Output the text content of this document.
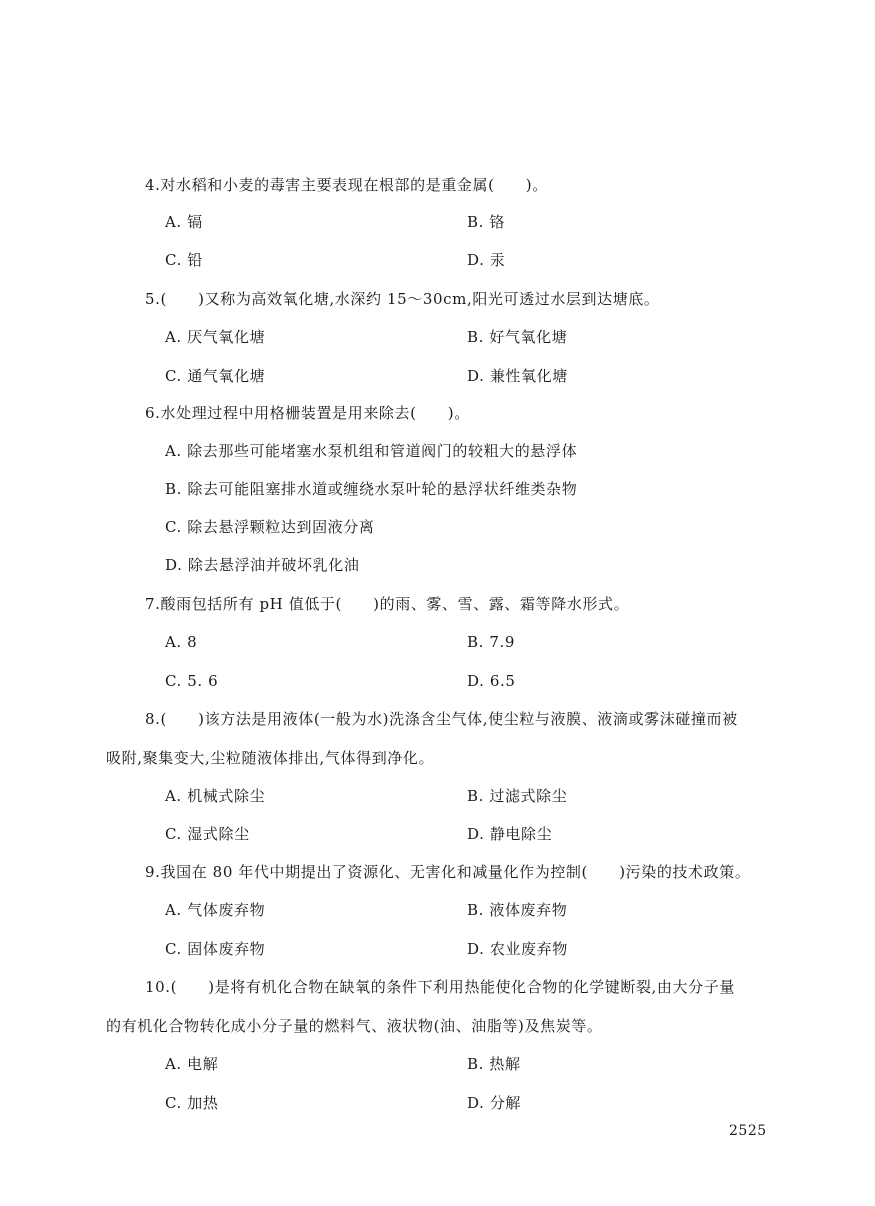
4.对水稻和小麦的毒害主要表现在根部的是重金属(　　)。
A. 镉	B. 铬
C. 铅	D. 汞
5.(　　)又称为高效氧化塘,水深约 15～30cm,阳光可透过水层到达塘底。
A. 厌气氧化塘	B. 好气氧化塘
C. 通气氧化塘	D. 兼性氧化塘
6.水处理过程中用格栅装置是用来除去(　　)。
A. 除去那些可能堵塞水泵机组和管道阀门的较粗大的悬浮体
B. 除去可能阻塞排水道或缠绕水泵叶轮的悬浮状纤维类杂物
C. 除去悬浮颗粒达到固液分离
D. 除去悬浮油并破坏乳化油
7.酸雨包括所有 pH 值低于(　　)的雨、雾、雪、露、霜等降水形式。
A. 8	B. 7.9
C. 5. 6	D. 6.5
8.(　　)该方法是用液体(一般为水)洗涤含尘气体,使尘粒与液膜、液滴或雾沫碰撞而被
吸附,聚集变大,尘粒随液体排出,气体得到净化。
A. 机械式除尘	B. 过滤式除尘
C. 湿式除尘	D. 静电除尘
9.我国在 80 年代中期提出了资源化、无害化和减量化作为控制(　　)污染的技术政策。
A. 气体废弃物	B. 液体废弃物
C. 固体废弃物	D. 农业废弃物
10.(　　)是将有机化合物在缺氧的条件下利用热能使化合物的化学键断裂,由大分子量
的有机化合物转化成小分子量的燃料气、液状物(油、油脂等)及焦炭等。
A. 电解	B. 热解
C. 加热	D. 分解
2525
